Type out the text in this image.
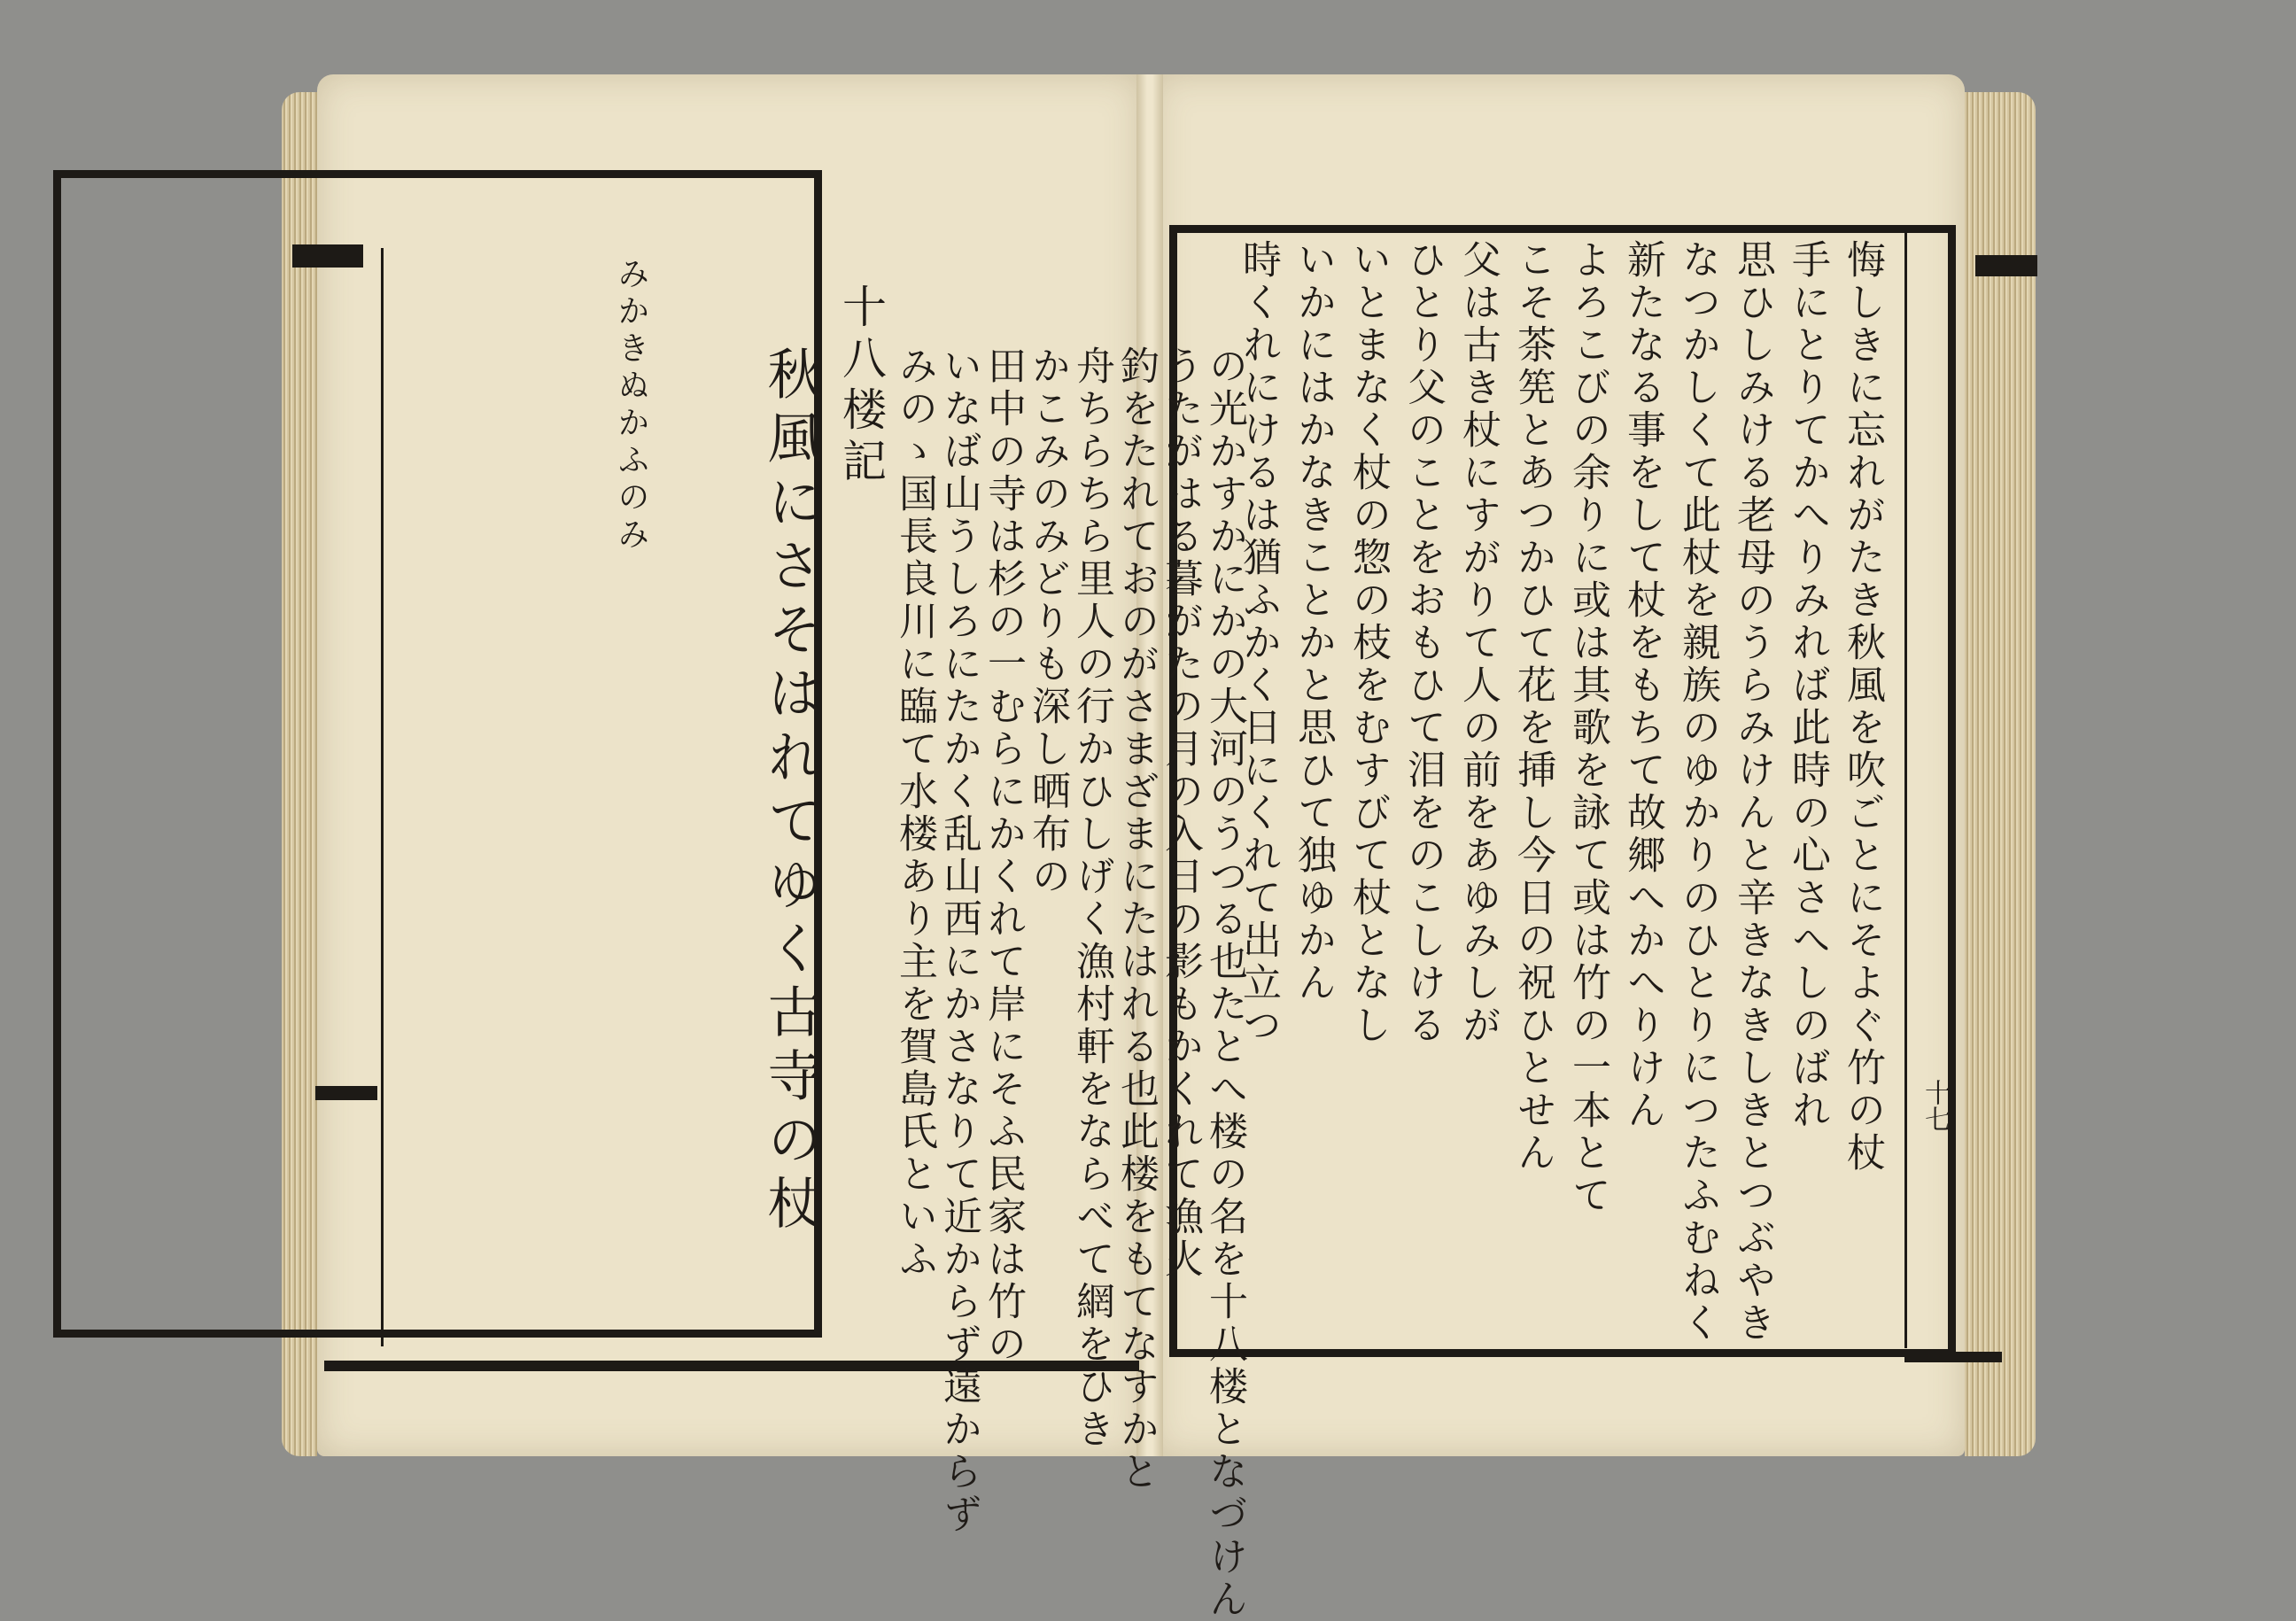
みかきぬかふのみ 秋風にさそはれてゆく古寺の杖 十八楼記 みのゝ国長良川に臨て水楼あり主を賀島氏といふ いなば山うしろにたかく乱山西にかさなりて近からず遠からず 田中の寺は杉の一むらにかくれて岸にそふ民家は竹の かこみのみどりも深し晒布の 舟ちらちら里人の行かひしげく漁村軒をならべて網をひき 釣をたれておのがさまざまにたはれる也此楼をもてなすかと うたがはる暮がたの月の入日の影もかくれて漁火 の光かすかにかの大河のうつる也たとへ楼の名を十八楼となづけん	悔しきに忘れがたき秋風を吹ごとにそよぐ竹の杖
手にとりてかへりみれば此時の心さへしのばれ
思ひしみける老母のうらみけんと辛きなきしきとつぶやき
なつかしくて此杖を親族のゆかりのひとりにつたふむねく
新たなる事をして杖をもちて故郷へかへりけん
よろこびの余りに或は其歌を詠て或は竹の一本とて
こそ茶筅とあつかひて花を挿し今日の祝ひとせん
父は古き杖にすがりて人の前をあゆみしが
ひとり父のことをおもひて泪をのこしける
いとまなく杖の惣の枝をむすびて杖となし
いかにはかなきことかと思ひて独ゆかん
時くれにけるは猶ふかく日にくれて出立つ
十七
